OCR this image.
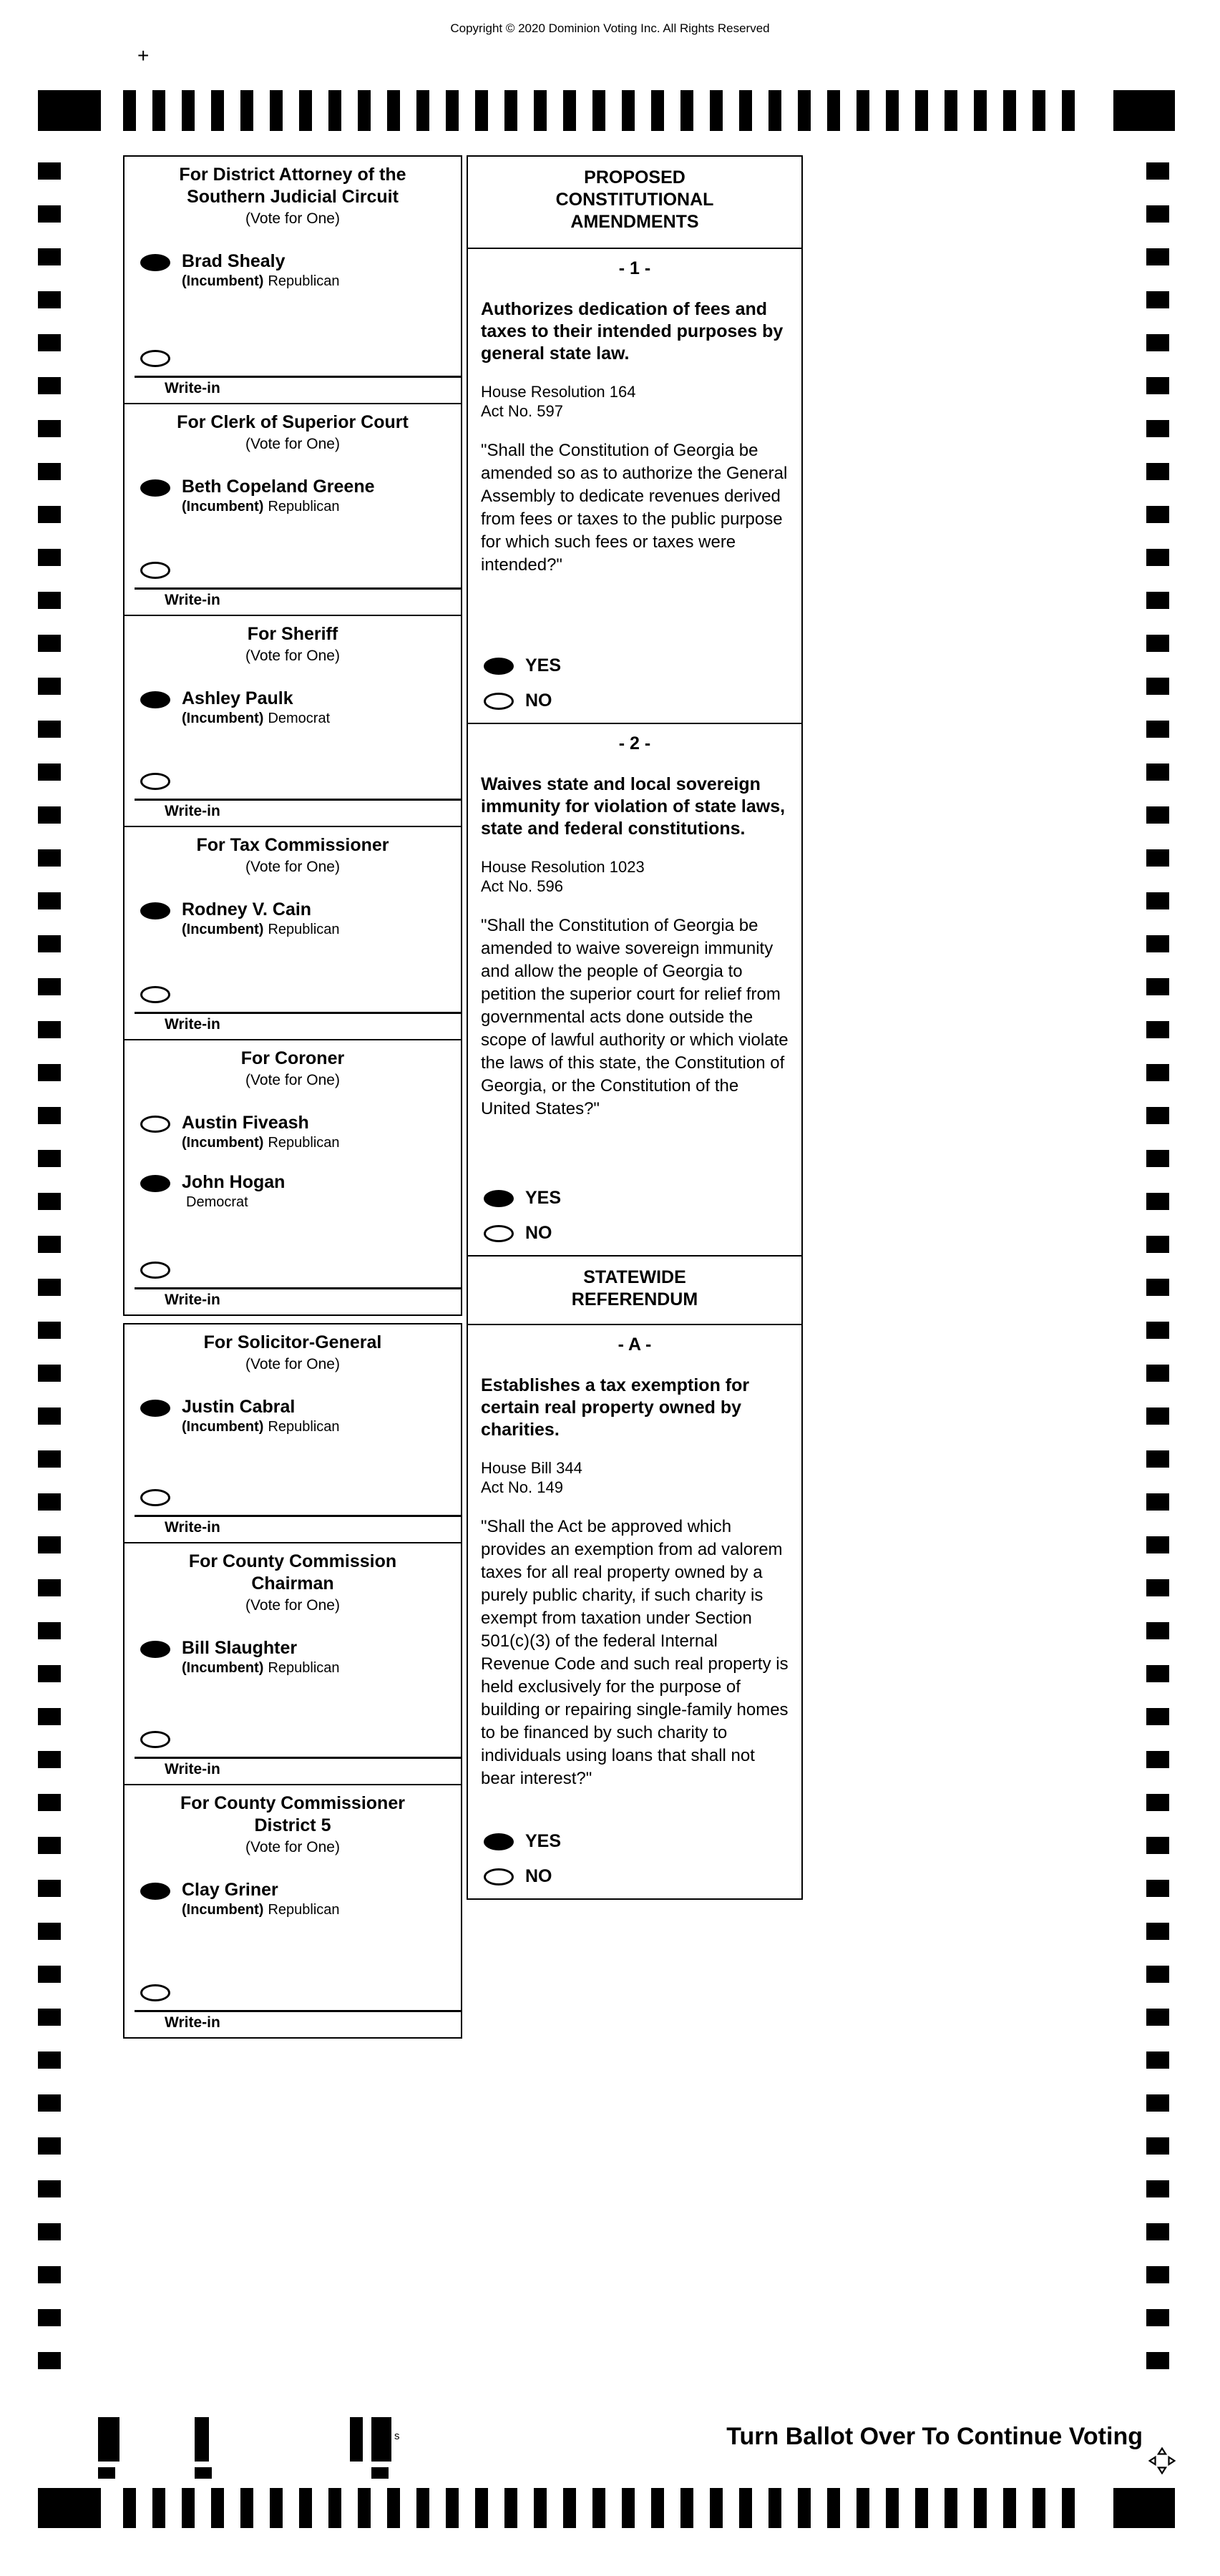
Copyright © 2020 Dominion Voting Inc. All Rights Reserved
+
For District Attorney of the
Southern Judicial Circuit
(Vote for One)
Brad Shealy
(Incumbent) Republican
Write-in
For Clerk of Superior Court
(Vote for One)
Beth Copeland Greene
(Incumbent) Republican
Write-in
For Sheriff
(Vote for One)
Ashley Paulk
(Incumbent) Democrat
Write-in
For Tax Commissioner
(Vote for One)
Rodney V. Cain
(Incumbent) Republican
Write-in
For Coroner
(Vote for One)
Austin Fiveash
(Incumbent) Republican
John Hogan
Democrat
Write-in
For Solicitor-General
(Vote for One)
Justin Cabral
(Incumbent) Republican
Write-in
For County Commission
Chairman
(Vote for One)
Bill Slaughter
(Incumbent) Republican
Write-in
For County Commissioner
District 5
(Vote for One)
Clay Griner
(Incumbent) Republican
Write-in
PROPOSED
CONSTITUTIONAL
AMENDMENTS
- 1 -
Authorizes dedication of fees and taxes to their intended purposes by general state law.
House Resolution 164
Act No. 597
"Shall the Constitution of Georgia be amended so as to authorize the General Assembly to dedicate revenues derived from fees or taxes to the public purpose for which such fees or taxes were intended?"
YES
NO
- 2 -
Waives state and local sovereign immunity for violation of state laws, state and federal constitutions.
House Resolution 1023
Act No. 596
"Shall the Constitution of Georgia be amended to waive sovereign immunity and allow the people of Georgia to petition the superior court for relief from governmental acts done outside the scope of lawful authority or which violate the laws of this state, the Constitution of Georgia, or the Constitution of the United States?"
YES
NO
STATEWIDE
REFERENDUM
- A -
Establishes a tax exemption for certain real property owned by charities.
House Bill 344
Act No. 149
"Shall the Act be approved which provides an exemption from ad valorem taxes for all real property owned by a purely public charity, if such charity is exempt from taxation under Section 501(c)(3) of the federal Internal Revenue Code and such real property is held exclusively for the purpose of building or repairing single-family homes to be financed by such charity to individuals using loans that shall not bear interest?"
YES
NO
s	Turn Ballot Over To Continue Voting
